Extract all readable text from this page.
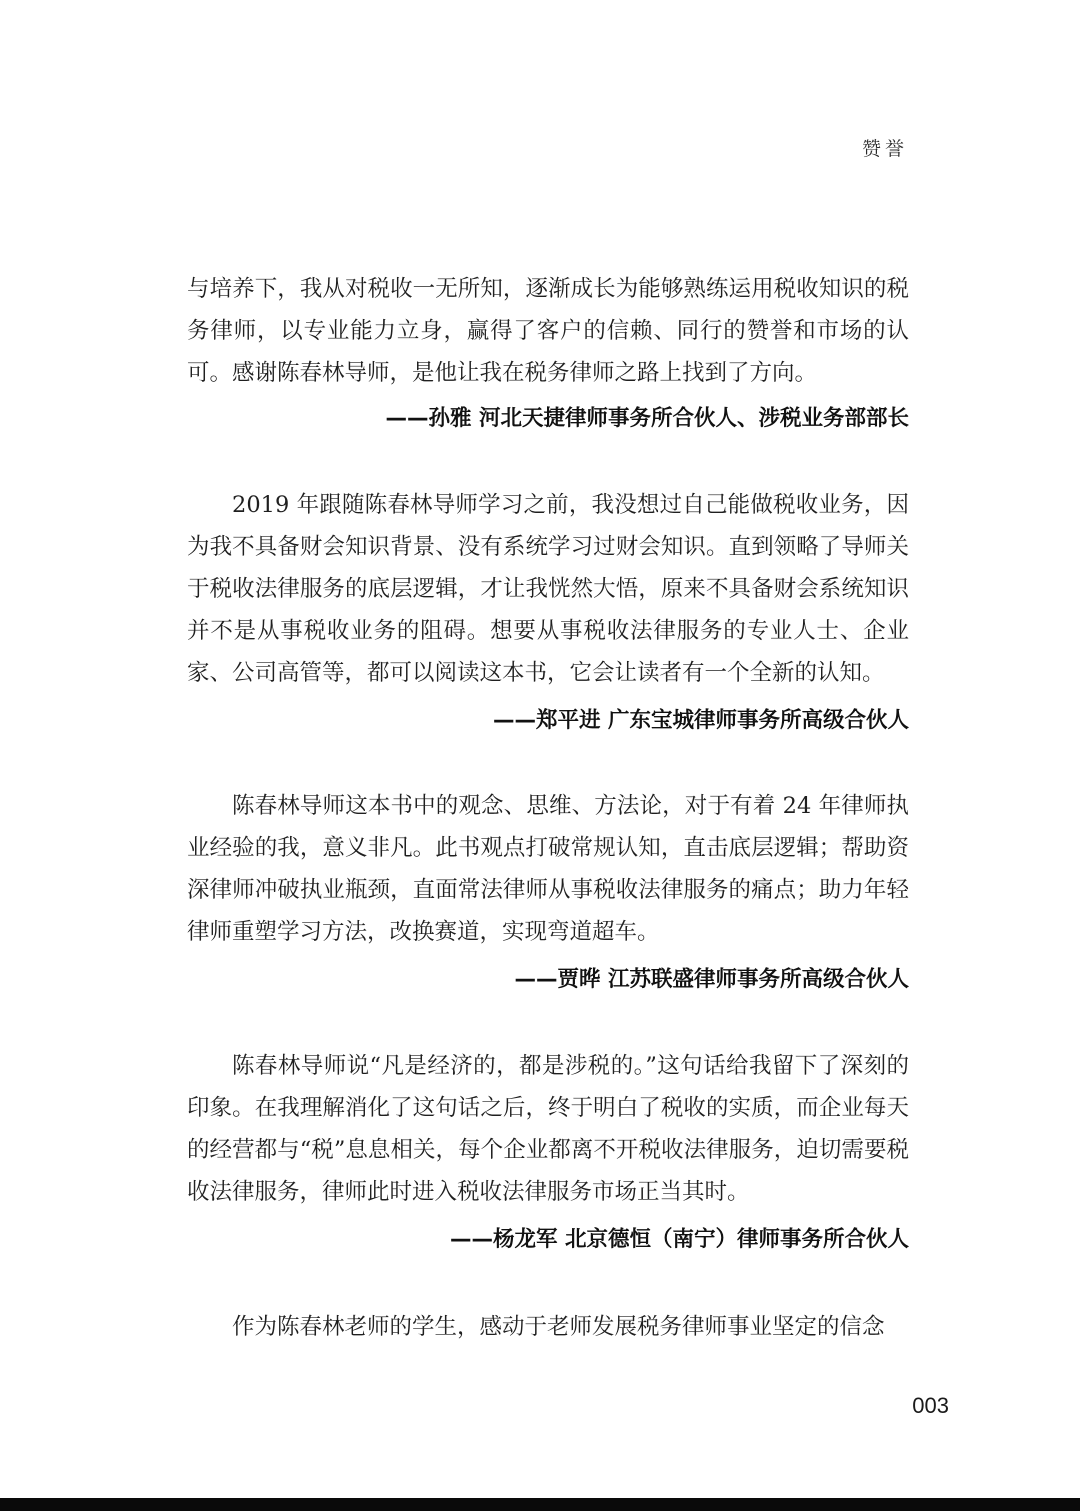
赞誉

与培养下，我从对税收一无所知，逐渐成长为能够熟练运用税收知识的税务律师，以专业能力立身，赢得了客户的信赖、同行的赞誉和市场的认可。感谢陈春林导师，是他让我在税务律师之路上找到了方向。

——孙雅 河北天捷律师事务所合伙人、涉税业务部部长

2019 年跟随陈春林导师学习之前，我没想过自己能做税收业务，因为我不具备财会知识背景、没有系统学习过财会知识。直到领略了导师关于税收法律服务的底层逻辑，才让我恍然大悟，原来不具备财会系统知识并不是从事税收业务的阻碍。想要从事税收法律服务的专业人士、企业家、公司高管等，都可以阅读这本书，它会让读者有一个全新的认知。

——郑平进 广东宝城律师事务所高级合伙人

陈春林导师这本书中的观念、思维、方法论，对于有着 24 年律师执业经验的我，意义非凡。此书观点打破常规认知，直击底层逻辑；帮助资深律师冲破执业瓶颈，直面常法律师从事税收法律服务的痛点；助力年轻律师重塑学习方法，改换赛道，实现弯道超车。

——贾晔 江苏联盛律师事务所高级合伙人

陈春林导师说“凡是经济的，都是涉税的。”这句话给我留下了深刻的印象。在我理解消化了这句话之后，终于明白了税收的实质，而企业每天的经营都与“税”息息相关，每个企业都离不开税收法律服务，迫切需要税收法律服务，律师此时进入税收法律服务市场正当其时。

——杨龙军 北京德恒（南宁）律师事务所合伙人

作为陈春林老师的学生，感动于老师发展税务律师事业坚定的信念

003
